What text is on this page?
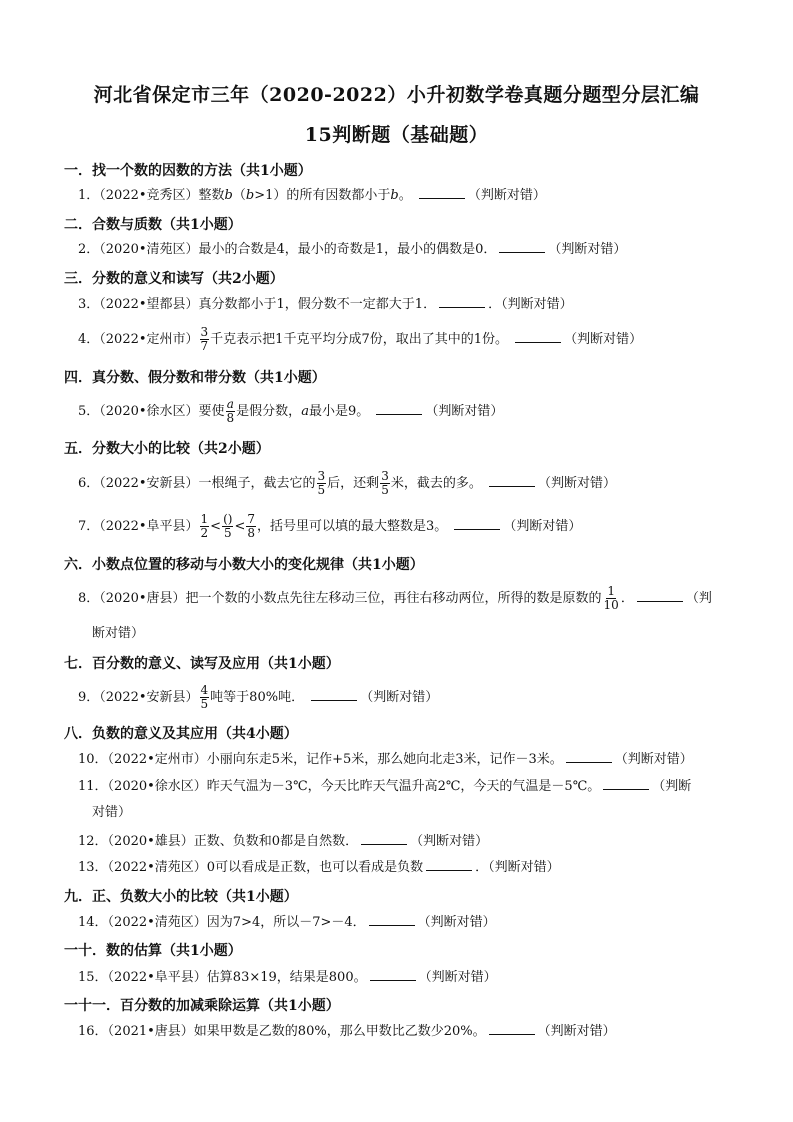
河北省保定市三年（2020-2022）小升初数学卷真题分题型分层汇编
15判断题（基础题）
一．找一个数的因数的方法（共1小题）
1．（2022•竞秀区）整数b（b>1）的所有因数都小于b。	（判断对错）
二．合数与质数（共1小题）
2．（2020•清苑区）最小的合数是4，最小的奇数是1，最小的偶数是0．	（判断对错）
三．分数的意义和读写（共2小题）
3．（2022•望都县）真分数都小于1，假分数不一定都大于1．	．（判断对错）
4．（2022•定州市） $\frac{3}{7}$ 千克表示把1千克平均分成7份，取出了其中的1份。	（判断对错）
四．真分数、假分数和带分数（共1小题）
5．（2020•徐水区）要使 $\frac{a}{8}$ 是假分数，a最小是9。	（判断对错）
五．分数大小的比较（共2小题）
6．（2022•安新县）一根绳子，截去它的 $\frac{3}{5}$ 后，还剩 $\frac{3}{5}$ 米，截去的多。	（判断对错）
7．（2022•阜平县） $\frac{1}{2} < \frac{()}{5} < \frac{7}{8}$ ，括号里可以填的最大整数是3。	（判断对错）
六．小数点位置的移动与小数大小的变化规律（共1小题）
8．（2020•唐县）把一个数的小数点先往左移动三位，再往右移动两位，所得的数是原数的 $\frac{1}{10}$ ．	（判
断对错）
七．百分数的意义、读写及应用（共1小题）
9．（2022•安新县） $\frac{4}{5}$ 吨等于80%吨．	（判断对错）
八．负数的意义及其应用（共4小题）
10．（2022•定州市）小丽向东走5米，记作+5米，那么她向北走3米，记作－3米。	（判断对错）
11．（2020•徐水区）昨天气温为－3℃，今天比昨天气温升高2℃，今天的气温是－5℃。	（判断
对错）
12．（2020•雄县）正数、负数和0都是自然数．	（判断对错）
13．（2022•清苑区）0可以看成是正数，也可以看成是负数	．（判断对错）
九．正、负数大小的比较（共1小题）
14．（2022•清苑区）因为7>4，所以－7>－4．	（判断对错）
一十．数的估算（共1小题）
15．（2022•阜平县）估算83×19，结果是800。	（判断对错）
一十一．百分数的加减乘除运算（共1小题）
16．（2021•唐县）如果甲数是乙数的80%，那么甲数比乙数少20%。	（判断对错）
